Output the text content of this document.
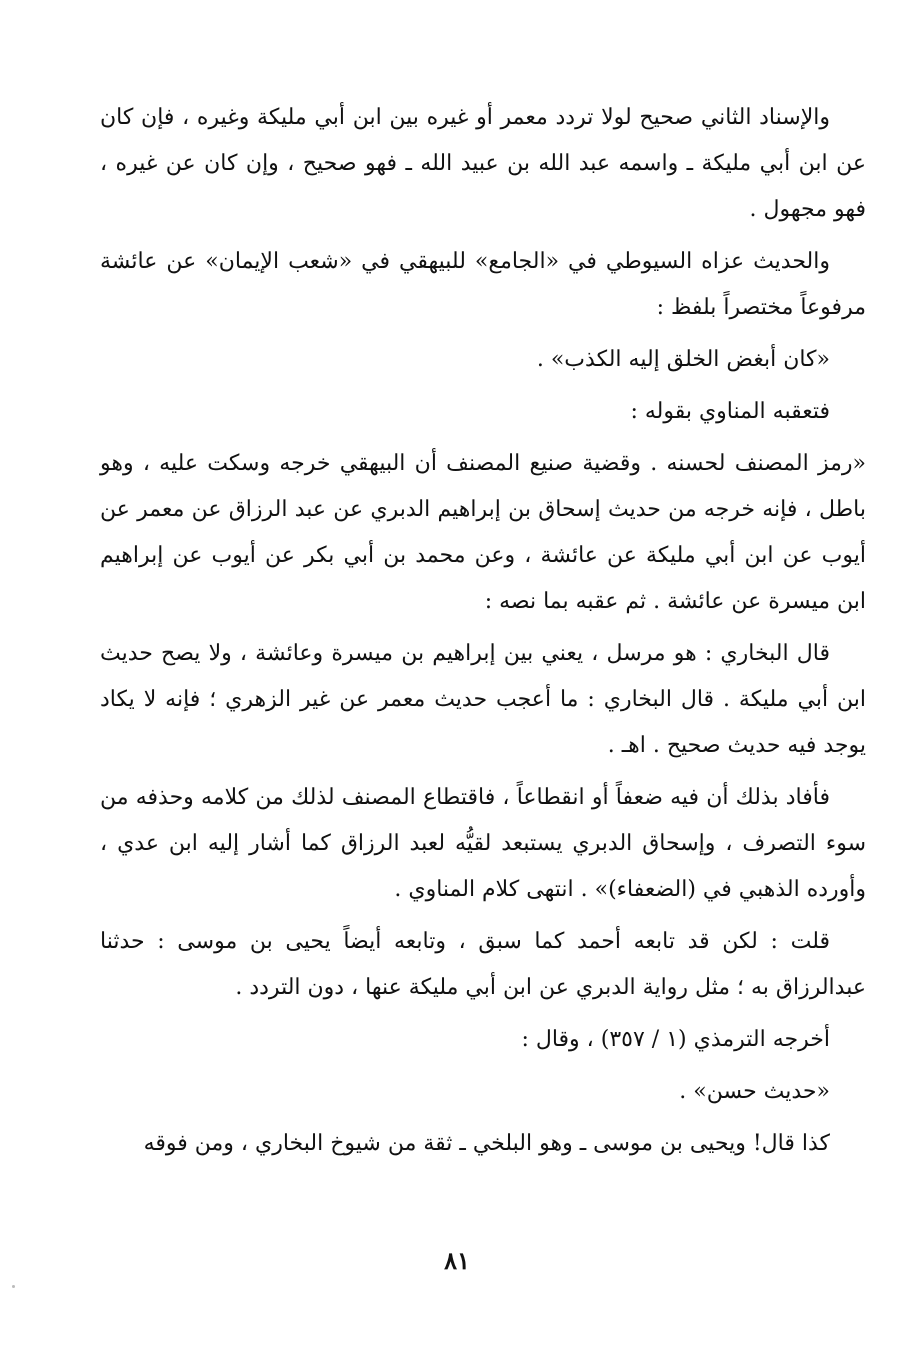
والإسناد الثاني صحيح لولا تردد معمر أو غيره بين ابن أبي مليكة وغيره ، فإن كان عن ابن أبي مليكة ـ واسمه عبد الله بن عبيد الله ـ فهو صحيح ، وإن كان عن غيره ، فهو مجهول .

والحديث عزاه السيوطي في «الجامع» للبيهقي في «شعب الإيمان» عن عائشة مرفوعاً مختصراً بلفظ :

«كان أبغض الخلق إليه الكذب» .

فتعقبه المناوي بقوله :

«رمز المصنف لحسنه . وقضية صنيع المصنف أن البيهقي خرجه وسكت عليه ، وهو باطل ، فإنه خرجه من حديث إسحاق بن إبراهيم الدبري عن عبد الرزاق عن معمر عن أيوب عن ابن أبي مليكة عن عائشة ، وعن محمد بن أبي بكر عن أيوب عن إبراهيم ابن ميسرة عن عائشة . ثم عقبه بما نصه :

قال البخاري : هو مرسل ، يعني بين إبراهيم بن ميسرة وعائشة ، ولا يصح حديث ابن أبي مليكة . قال البخاري : ما أعجب حديث معمر عن غير الزهري ؛ فإنه لا يكاد يوجد فيه حديث صحيح . اهـ .

فأفاد بذلك أن فيه ضعفاً أو انقطاعاً ، فاقتطاع المصنف لذلك من كلامه وحذفه من سوء التصرف ، وإسحاق الدبري يستبعد لقيُّه لعبد الرزاق كما أشار إليه ابن عدي ، وأورده الذهبي في (الضعفاء)» . انتهى كلام المناوي .

قلت : لكن قد تابعه أحمد كما سبق ، وتابعه أيضاً يحيى بن موسى : حدثنا عبدالرزاق به ؛ مثل رواية الدبري عن ابن أبي مليكة عنها ، دون التردد .

أخرجه الترمذي (١ / ٣٥٧) ، وقال :

«حديث حسن» .

كذا قال! ويحيى بن موسى ـ وهو البلخي ـ ثقة من شيوخ البخاري ، ومن فوقه

٨١
